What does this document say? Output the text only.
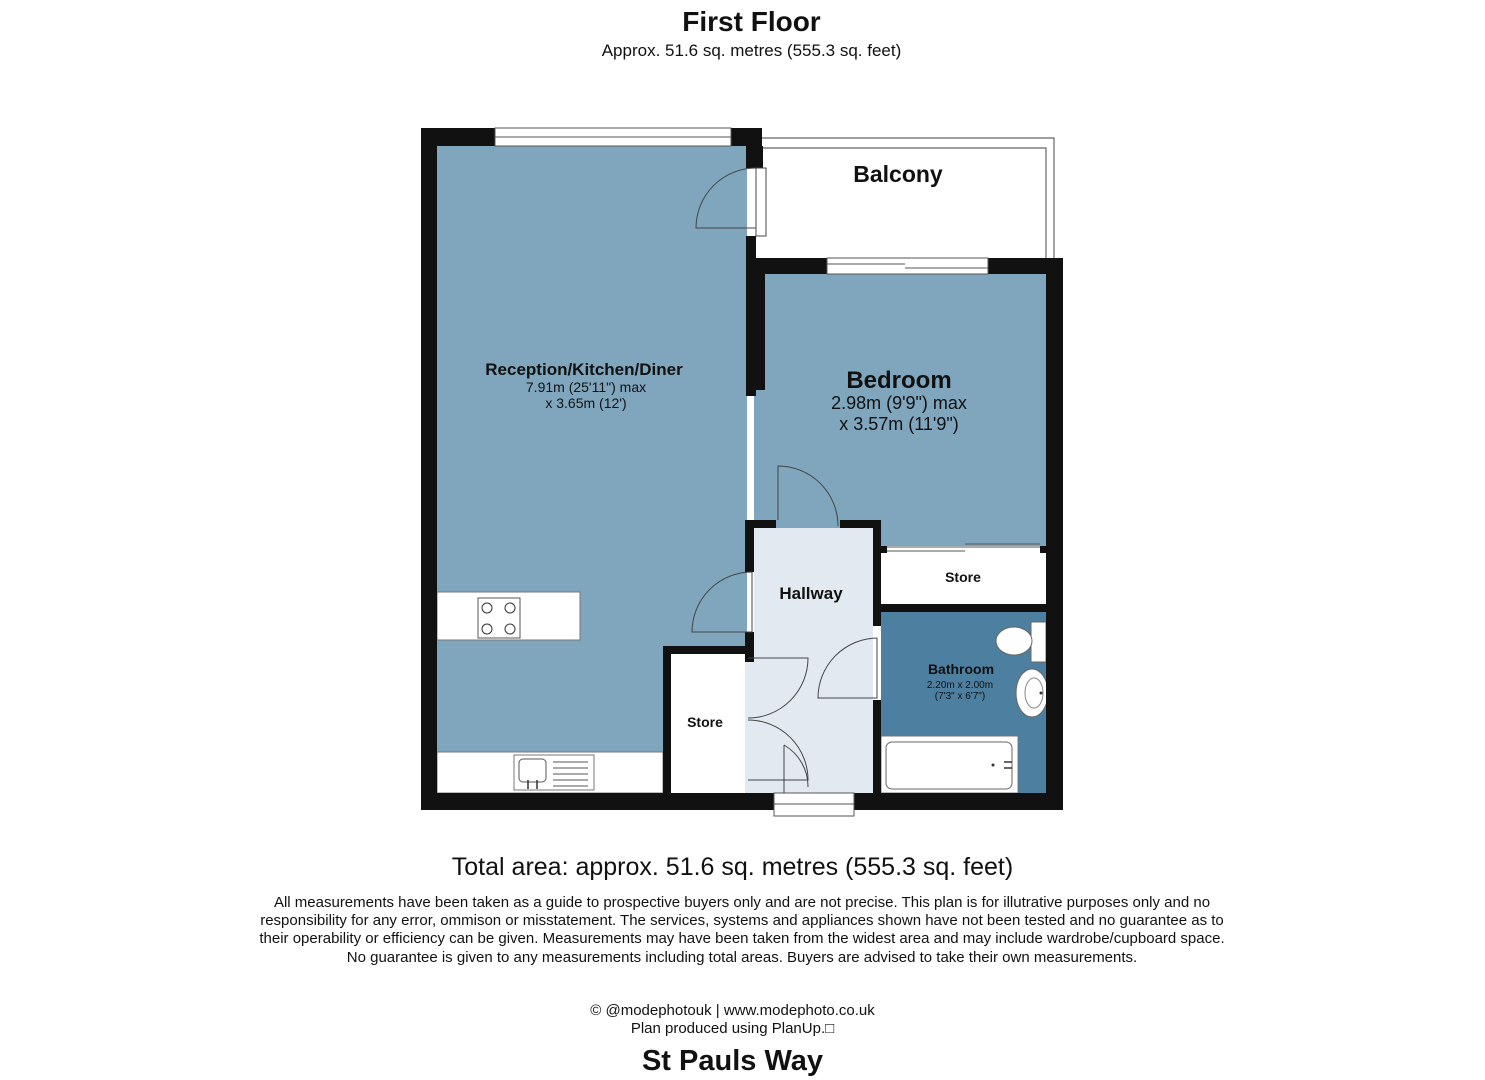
First Floor
Approx. 51.6 sq. metres (555.3 sq. feet)
Reception/Kitchen/Diner
7.91m (25'11") max
x 3.65m (12')
Balcony
Bedroom
2.98m (9'9") max
x 3.57m (11'9")
Hallway
Store
Store
Bathroom
2.20m x 2.00m
(7'3" x 6'7")
Total area: approx. 51.6 sq. metres (555.3 sq. feet)
All measurements have been taken as a guide to prospective buyers only and are not precise. This plan is for illutrative purposes only and no responsibility for any error, ommison or misstatement. The services, systems and appliances shown have not been tested and no guarantee as to their operability or efficiency can be given. Measurements may have been taken from the widest area and may include wardrobe/cupboard space. No guarantee is given to any measurements including total areas. Buyers are advised to take their own measurements.
© @modephotouk | www.modephoto.co.uk
Plan produced using PlanUp.□
St Pauls Way
